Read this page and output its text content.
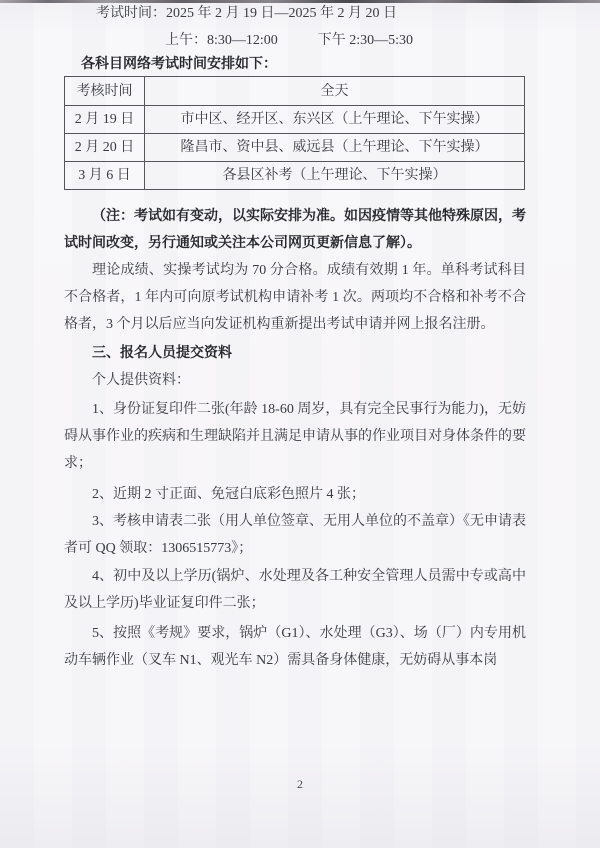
考试时间：2025 年 2 月 19 日—2025 年 2 月 20 日

上午：8:30—12:00	下午 2:30—5:30

各科目网络考试时间安排如下：

考核时间	全天
2 月 19 日	市中区、经开区、东兴区（上午理论、下午实操）
2 月 20 日	隆昌市、资中县、威远县（上午理论、下午实操）
3 月 6 日	各县区补考（上午理论、下午实操）

（注：考试如有变动，以实际安排为准。如因疫情等其他特殊原因，考试时间改变，另行通知或关注本公司网页更新信息了解）。

理论成绩、实操考试均为 70 分合格。成绩有效期 1 年。单科考试科目不合格者，1 年内可向原考试机构申请补考 1 次。两项均不合格和补考不合格者，3 个月以后应当向发证机构重新提出考试申请并网上报名注册。

三、报名人员提交资料

个人提供资料：

1、身份证复印件二张(年龄 18-60 周岁，具有完全民事行为能力)，无妨碍从事作业的疾病和生理缺陷并且满足申请从事的作业项目对身体条件的要求；

2、近期 2 寸正面、免冠白底彩色照片 4 张；

3、考核申请表二张（用人单位签章、无用人单位的不盖章）《无申请表者可 QQ 领取：1306515773》；

4、初中及以上学历(锅炉、水处理及各工种安全管理人员需中专或高中及以上学历)毕业证复印件二张；

5、按照《考规》要求，锅炉（G1）、水处理（G3）、场（厂）内专用机动车辆作业（叉车 N1、观光车 N2）需具备身体健康，无妨碍从事本岗

2
